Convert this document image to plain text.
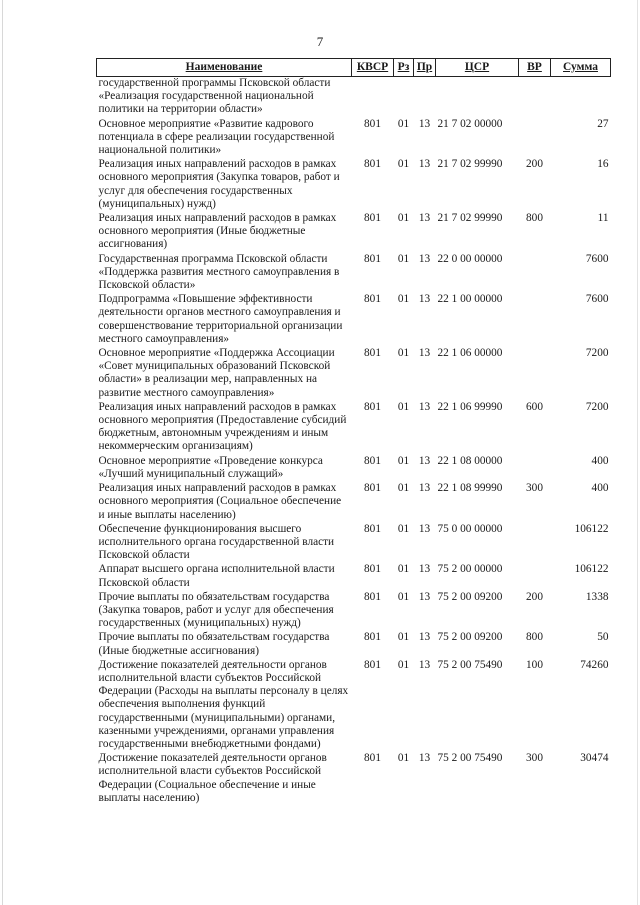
7
Наименование	КВСР	Рз	Пр	ЦСР	ВР	Сумма
государственной программы Псковской области «Реализация государственной национальной политики на территории области»						
Основное мероприятие «Развитие кадрового потенциала в сфере реализации государственной национальной политики»	801	01	13	21 7 02 00000		27
Реализация иных направлений расходов в рамках основного мероприятия (Закупка товаров, работ и услуг для обеспечения государственных (муниципальных) нужд)	801	01	13	21 7 02 99990	200	16
Реализация иных направлений расходов в рамках основного мероприятия (Иные бюджетные ассигнования)	801	01	13	21 7 02 99990	800	11
Государственная программа Псковской области «Поддержка развития местного самоуправления в Псковской области»	801	01	13	22 0 00 00000		7600
Подпрограмма «Повышение эффективности деятельности органов местного самоуправления и совершенствование территориальной организации местного самоуправления»	801	01	13	22 1 00 00000		7600
Основное мероприятие «Поддержка Ассоциации «Совет муниципальных образований Псковской области» в реализации мер, направленных на развитие местного самоуправления»	801	01	13	22 1 06 00000		7200
Реализация иных направлений расходов в рамках основного мероприятия (Предоставление субсидий бюджетным, автономным учреждениям и иным некоммерческим организациям)	801	01	13	22 1 06 99990	600	7200
Основное мероприятие «Проведение конкурса «Лучший муниципальный служащий»	801	01	13	22 1 08 00000		400
Реализация иных направлений расходов в рамках основного мероприятия (Социальное обеспечение и иные выплаты населению)	801	01	13	22 1 08 99990	300	400
Обеспечение функционирования высшего исполнительного органа государственной власти Псковской области	801	01	13	75 0 00 00000		106122
Аппарат высшего органа исполнительной власти Псковской области	801	01	13	75 2 00 00000		106122
Прочие выплаты по обязательствам государства (Закупка товаров, работ и услуг для обеспечения государственных (муниципальных) нужд)	801	01	13	75 2 00 09200	200	1338
Прочие выплаты по обязательствам государства (Иные бюджетные ассигнования)	801	01	13	75 2 00 09200	800	50
Достижение показателей деятельности органов исполнительной власти субъектов Российской Федерации (Расходы на выплаты персоналу в целях обеспечения выполнения функций государственными (муниципальными) органами, казенными учреждениями, органами управления государственными внебюджетными фондами)	801	01	13	75 2 00 75490	100	74260
Достижение показателей деятельности органов исполнительной власти субъектов Российской Федерации (Социальное обеспечение и иные выплаты населению)	801	01	13	75 2 00 75490	300	30474
